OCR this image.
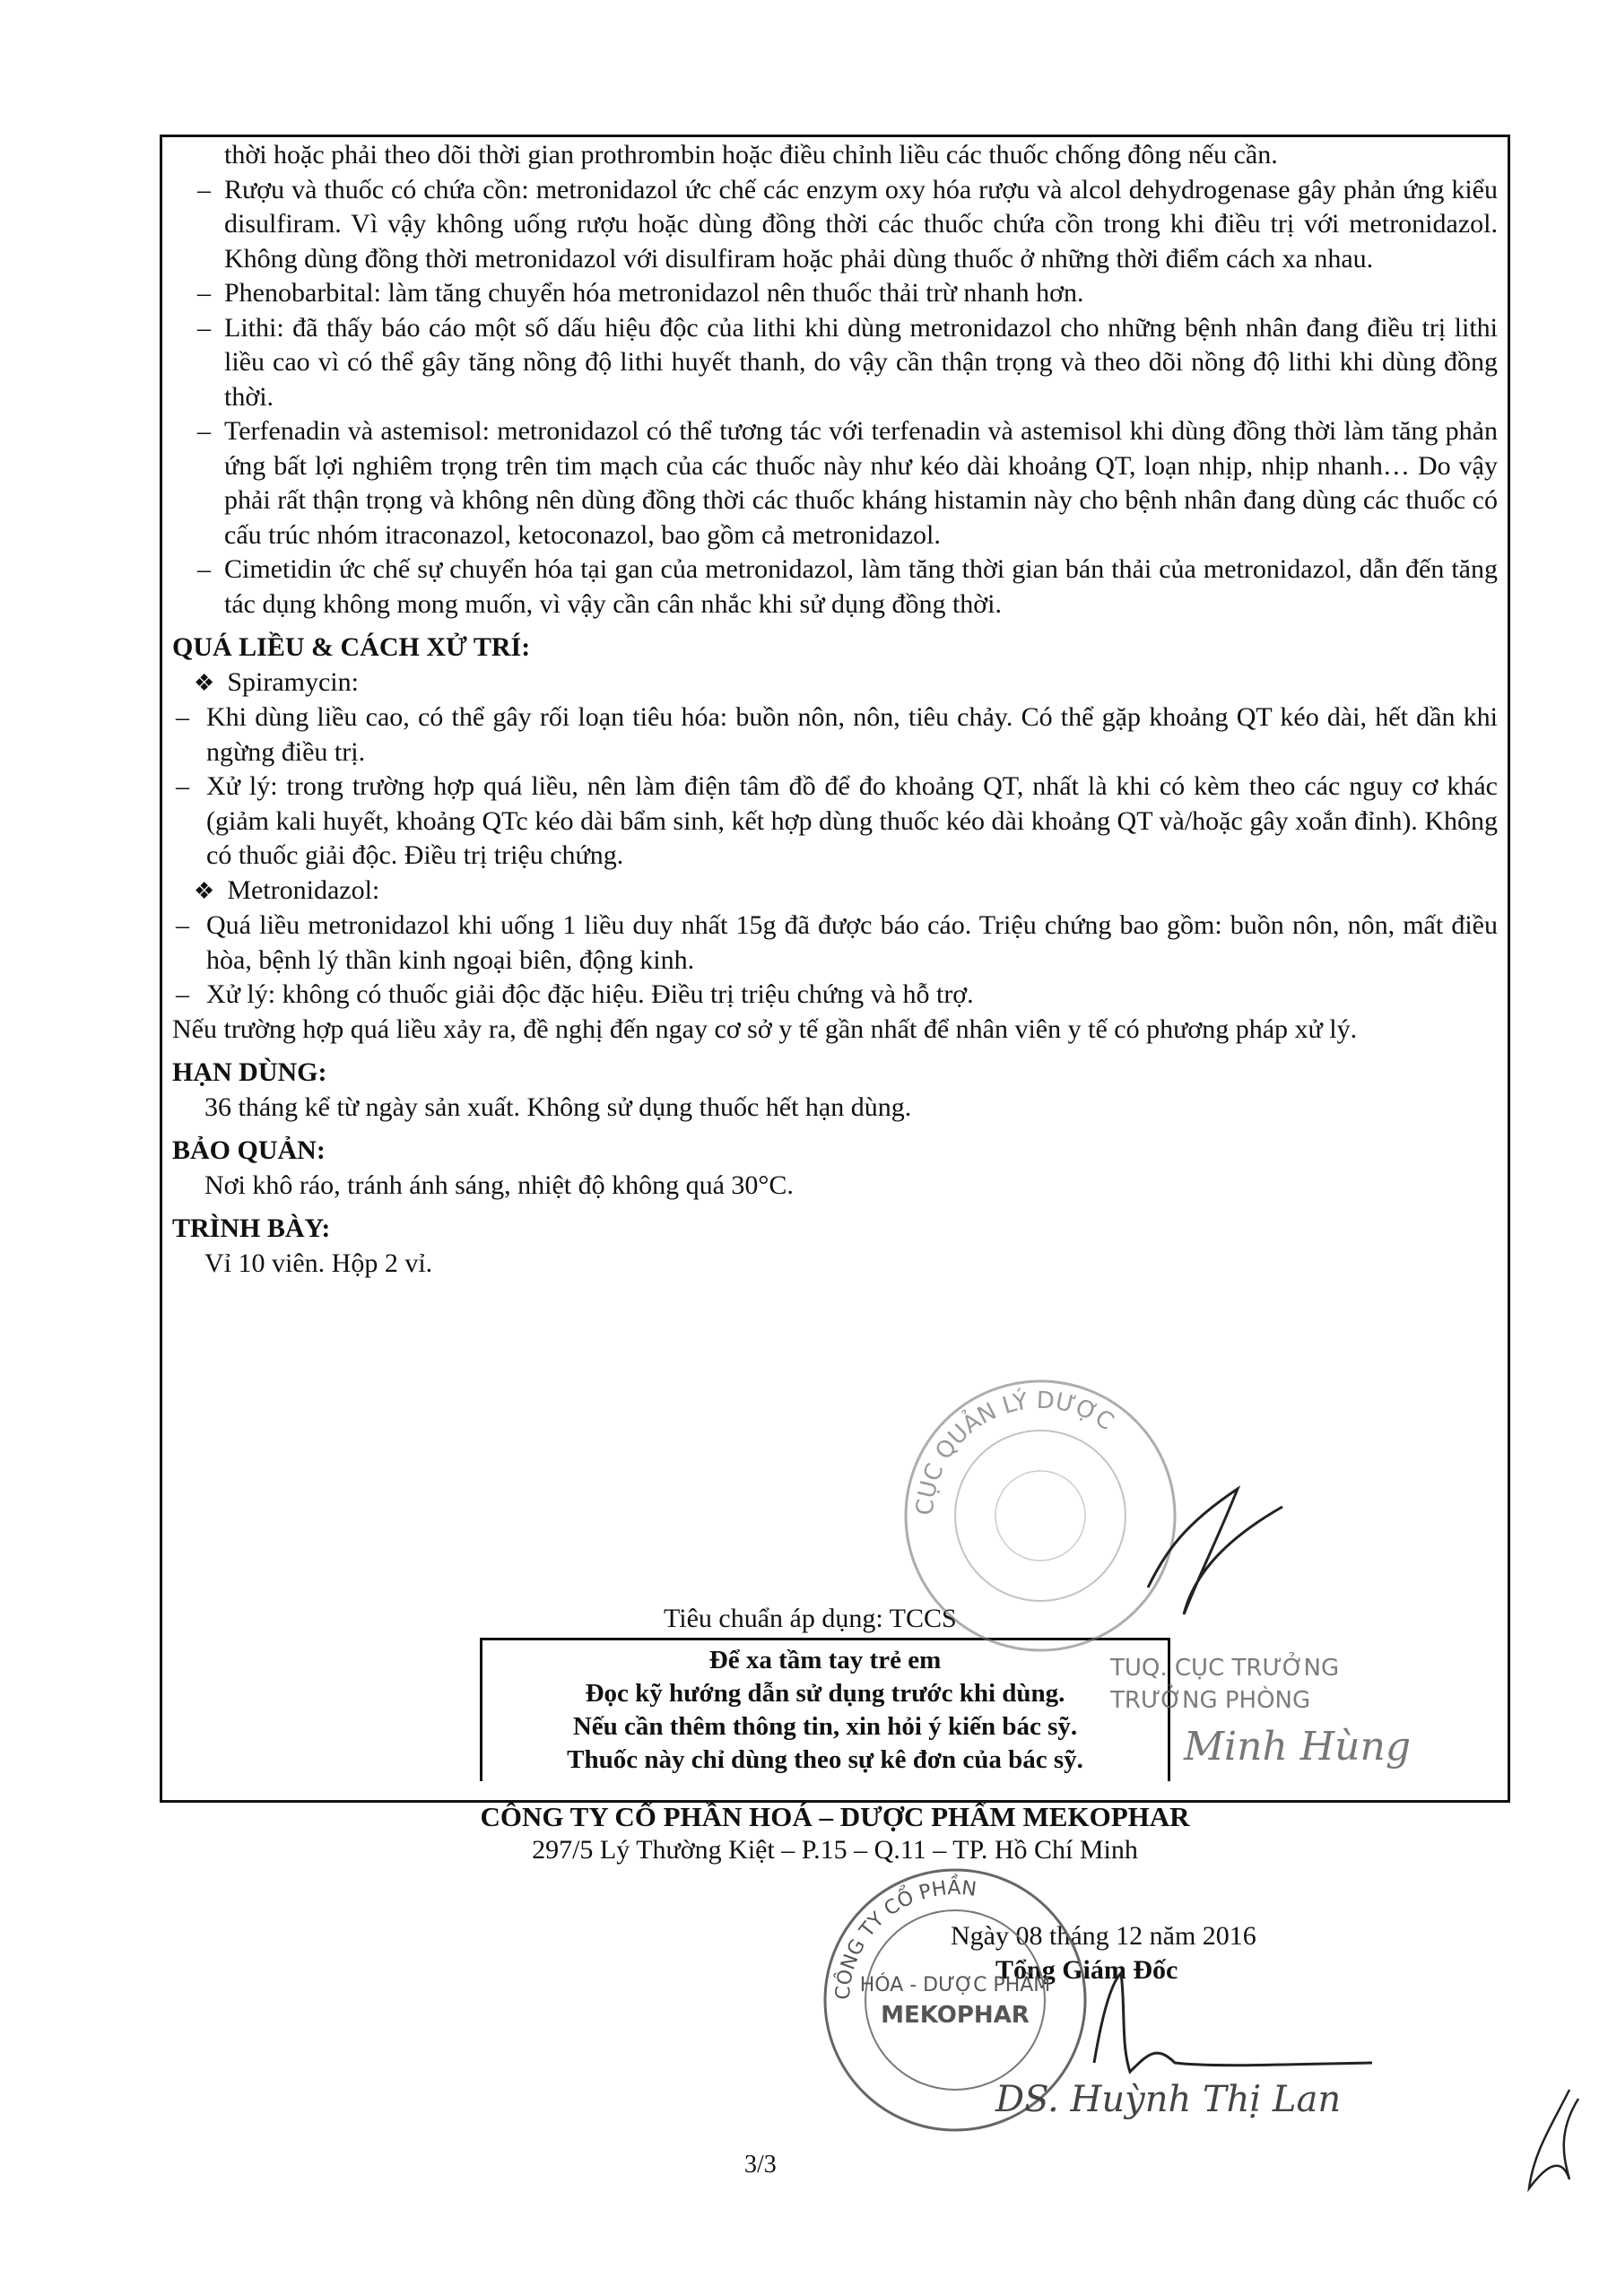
thời hoặc phải theo dõi thời gian prothrombin hoặc điều chỉnh liều các thuốc chống đông nếu cần.

– Rượu và thuốc có chứa cồn: metronidazol ức chế các enzym oxy hóa rượu và alcol dehydrogenase gây phản ứng kiểu disulfiram. Vì vậy không uống rượu hoặc dùng đồng thời các thuốc chứa cồn trong khi điều trị với metronidazol. Không dùng đồng thời metronidazol với disulfiram hoặc phải dùng thuốc ở những thời điểm cách xa nhau.

– Phenobarbital: làm tăng chuyển hóa metronidazol nên thuốc thải trừ nhanh hơn.

– Lithi: đã thấy báo cáo một số dấu hiệu độc của lithi khi dùng metronidazol cho những bệnh nhân đang điều trị lithi liều cao vì có thể gây tăng nồng độ lithi huyết thanh, do vậy cần thận trọng và theo dõi nồng độ lithi khi dùng đồng thời.

– Terfenadin và astemisol: metronidazol có thể tương tác với terfenadin và astemisol khi dùng đồng thời làm tăng phản ứng bất lợi nghiêm trọng trên tim mạch của các thuốc này như kéo dài khoảng QT, loạn nhịp, nhịp nhanh… Do vậy phải rất thận trọng và không nên dùng đồng thời các thuốc kháng histamin này cho bệnh nhân đang dùng các thuốc có cấu trúc nhóm itraconazol, ketoconazol, bao gồm cả metronidazol.

– Cimetidin ức chế sự chuyển hóa tại gan của metronidazol, làm tăng thời gian bán thải của metronidazol, dẫn đến tăng tác dụng không mong muốn, vì vậy cần cân nhắc khi sử dụng đồng thời.

QUÁ LIỀU & CÁCH XỬ TRÍ:

❖ Spiramycin:

– Khi dùng liều cao, có thể gây rối loạn tiêu hóa: buồn nôn, nôn, tiêu chảy. Có thể gặp khoảng QT kéo dài, hết dần khi ngừng điều trị.

– Xử lý: trong trường hợp quá liều, nên làm điện tâm đồ để đo khoảng QT, nhất là khi có kèm theo các nguy cơ khác (giảm kali huyết, khoảng QTc kéo dài bẩm sinh, kết hợp dùng thuốc kéo dài khoảng QT và/hoặc gây xoắn đỉnh). Không có thuốc giải độc. Điều trị triệu chứng.

❖ Metronidazol:

– Quá liều metronidazol khi uống 1 liều duy nhất 15g đã được báo cáo. Triệu chứng bao gồm: buồn nôn, nôn, mất điều hòa, bệnh lý thần kinh ngoại biên, động kinh.

– Xử lý: không có thuốc giải độc đặc hiệu. Điều trị triệu chứng và hỗ trợ.

Nếu trường hợp quá liều xảy ra, đề nghị đến ngay cơ sở y tế gần nhất để nhân viên y tế có phương pháp xử lý.

HẠN DÙNG:

36 tháng kể từ ngày sản xuất. Không sử dụng thuốc hết hạn dùng.

BẢO QUẢN:

Nơi khô ráo, tránh ánh sáng, nhiệt độ không quá 30°C.

TRÌNH BÀY:

Vỉ 10 viên. Hộp 2 vỉ.

Tiêu chuẩn áp dụng: TCCS
Để xa tầm tay trẻ em
Đọc kỹ hướng dẫn sử dụng trước khi dùng.
Nếu cần thêm thông tin, xin hỏi ý kiến bác sỹ.
Thuốc này chỉ dùng theo sự kê đơn của bác sỹ.
CÔNG TY CỔ PHẦN HOÁ – DƯỢC PHẨM MEKOPHAR
297/5 Lý Thường Kiệt – P.15 – Q.11 – TP. Hồ Chí Minh
Ngày 08 tháng 12 năm 2016
Tổng Giám Đốc
3/3
CỤC QUẢN LÝ DƯỢC
TUQ. CỤC TRƯỞNG
TRƯỞNG PHÒNG
Minh Hùng
CÔNG TY CỔ PHẦN
HÓA - DƯỢC PHẨM
MEKOPHAR
DS. Huỳnh Thị Lan
